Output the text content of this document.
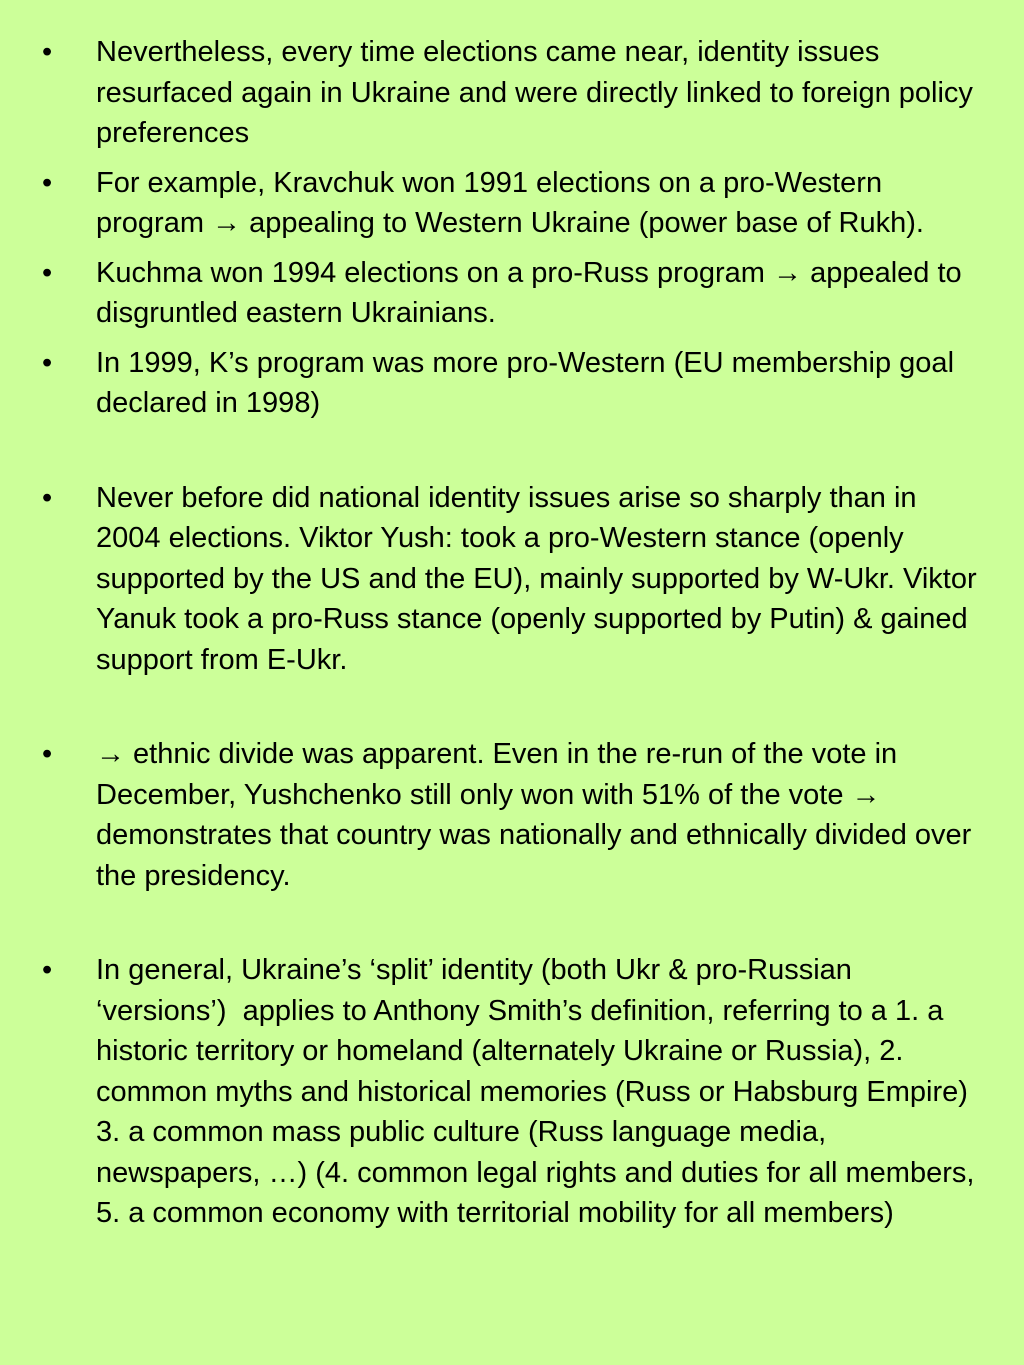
•	Nevertheless, every time elections came near, identity issues resurfaced again in Ukraine and were directly linked to foreign policy preferences
•	For example, Kravchuk won 1991 elections on a pro-Western program → appealing to Western Ukraine (power base of Rukh).
•	Kuchma won 1994 elections on a pro-Russ program → appealed to disgruntled eastern Ukrainians.
•	In 1999, K’s program was more pro-Western (EU membership goal declared in 1998)
•	Never before did national identity issues arise so sharply than in 2004 elections. Viktor Yush: took a pro-Western stance (openly supported by the US and the EU), mainly supported by W-Ukr. Viktor Yanuk took a pro-Russ stance (openly supported by Putin) & gained support from E-Ukr.
•	→ ethnic divide was apparent. Even in the re-run of the vote in December, Yushchenko still only won with 51% of the vote → demonstrates that country was nationally and ethnically divided over the presidency.
•	In general, Ukraine’s ‘split’ identity (both Ukr & pro-Russian ‘versions’)  applies to Anthony Smith’s definition, referring to a 1. a historic territory or homeland (alternately Ukraine or Russia), 2. common myths and historical memories (Russ or Habsburg Empire) 3. a common mass public culture (Russ language media, newspapers, …) (4. common legal rights and duties for all members, 5. a common economy with territorial mobility for all members)
